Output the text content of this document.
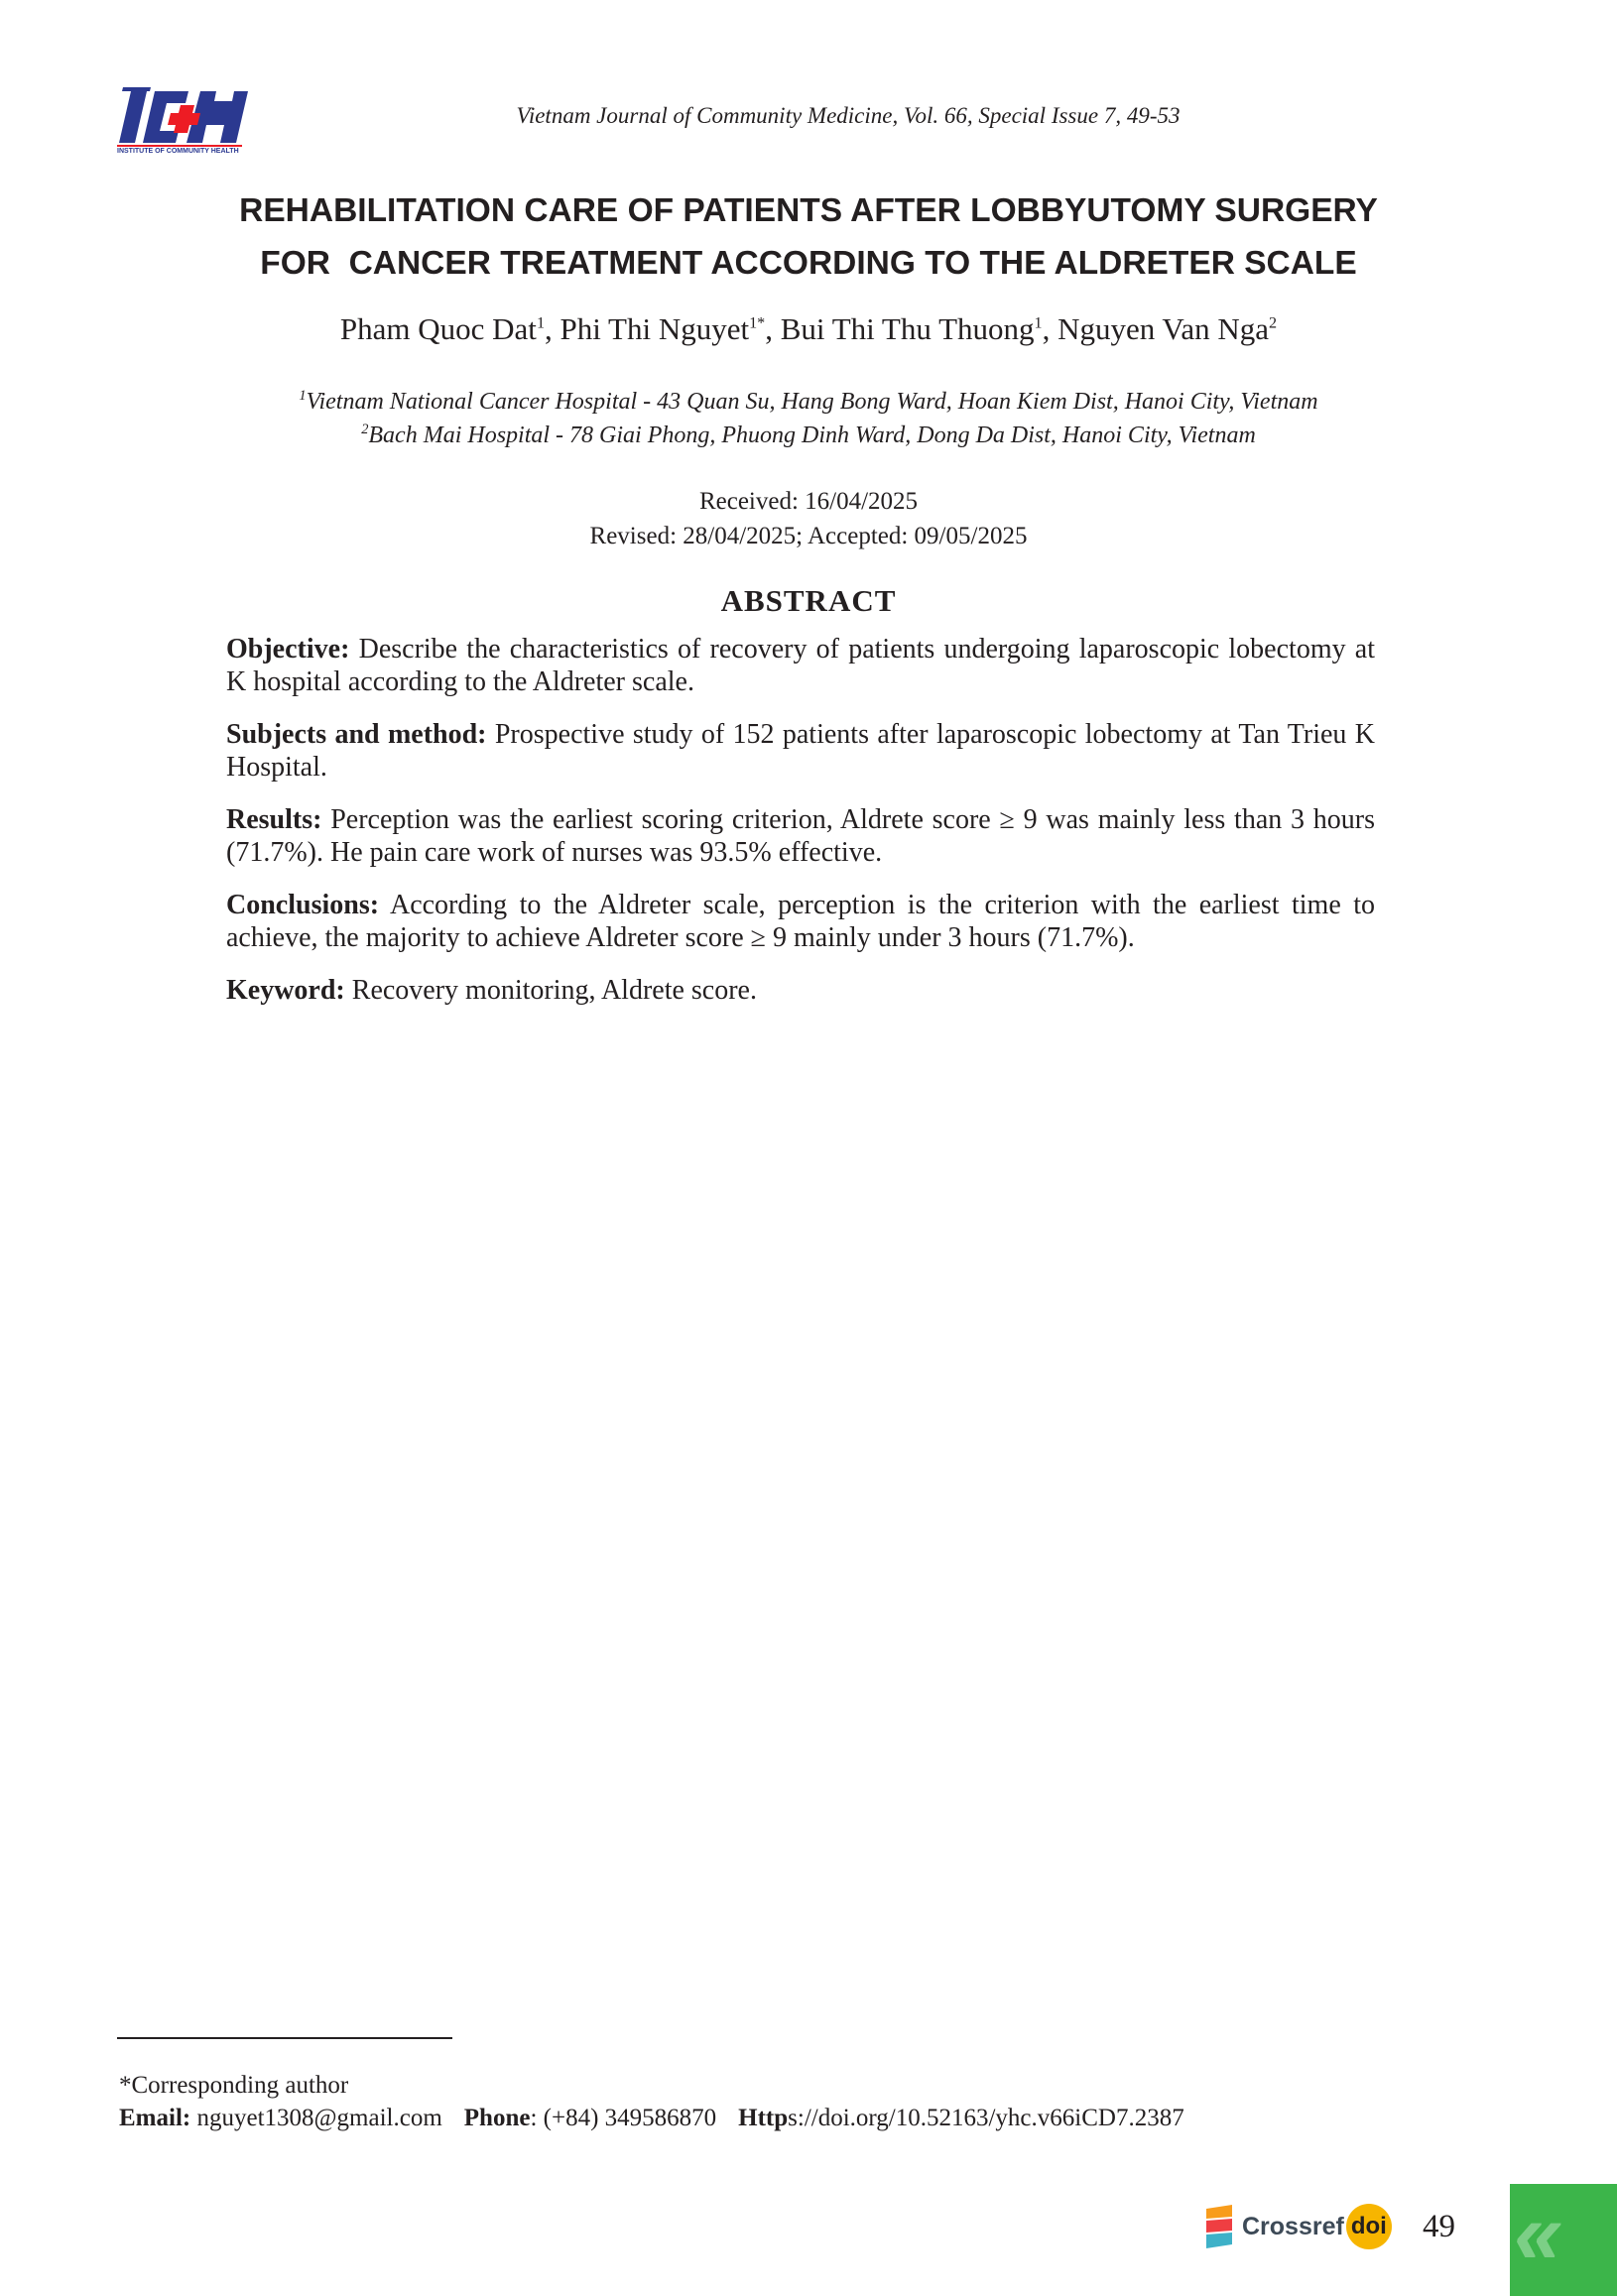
INSTITUTE OF COMMUNITY HEALTH
Vietnam Journal of Community Medicine, Vol. 66, Special Issue 7, 49-53
REHABILITATION CARE OF PATIENTS AFTER LOBBYUTOMY SURGERY
FOR  CANCER TREATMENT ACCORDING TO THE ALDRETER SCALE
Pham Quoc Dat$^1$, Phi Thi Nguyet$^{1*}$, Bui Thi Thu Thuong$^1$, Nguyen Van Nga$^2$
$^1$Vietnam National Cancer Hospital - 43 Quan Su, Hang Bong Ward, Hoan Kiem Dist, Hanoi City, Vietnam
$^2$Bach Mai Hospital - 78 Giai Phong, Phuong Dinh Ward, Dong Da Dist, Hanoi City, Vietnam
Received: 16/04/2025
Revised: 28/04/2025; Accepted: 09/05/2025
ABSTRACT

Objective: Describe the characteristics of recovery of patients undergoing laparoscopic lobectomy at K hospital according to the Aldreter scale.

Subjects and method: Prospective study of 152 patients after laparoscopic lobectomy at Tan Trieu K Hospital.

Results: Perception was the earliest scoring criterion, Aldrete score ≥ 9 was mainly less than 3 hours (71.7%). He pain care work of nurses was 93.5% effective.

Conclusions: According to the Aldreter scale, perception is the criterion with the earliest time to achieve, the majority to achieve Aldreter score ≥ 9 mainly under 3 hours (71.7%).

Keyword: Recovery monitoring, Aldrete score.

*Corresponding author
Email: nguyet1308@gmail.com Phone: (+84) 349586870 Https://doi.org/10.52163/yhc.v66iCD7.2387
Crossref doi 49 «
